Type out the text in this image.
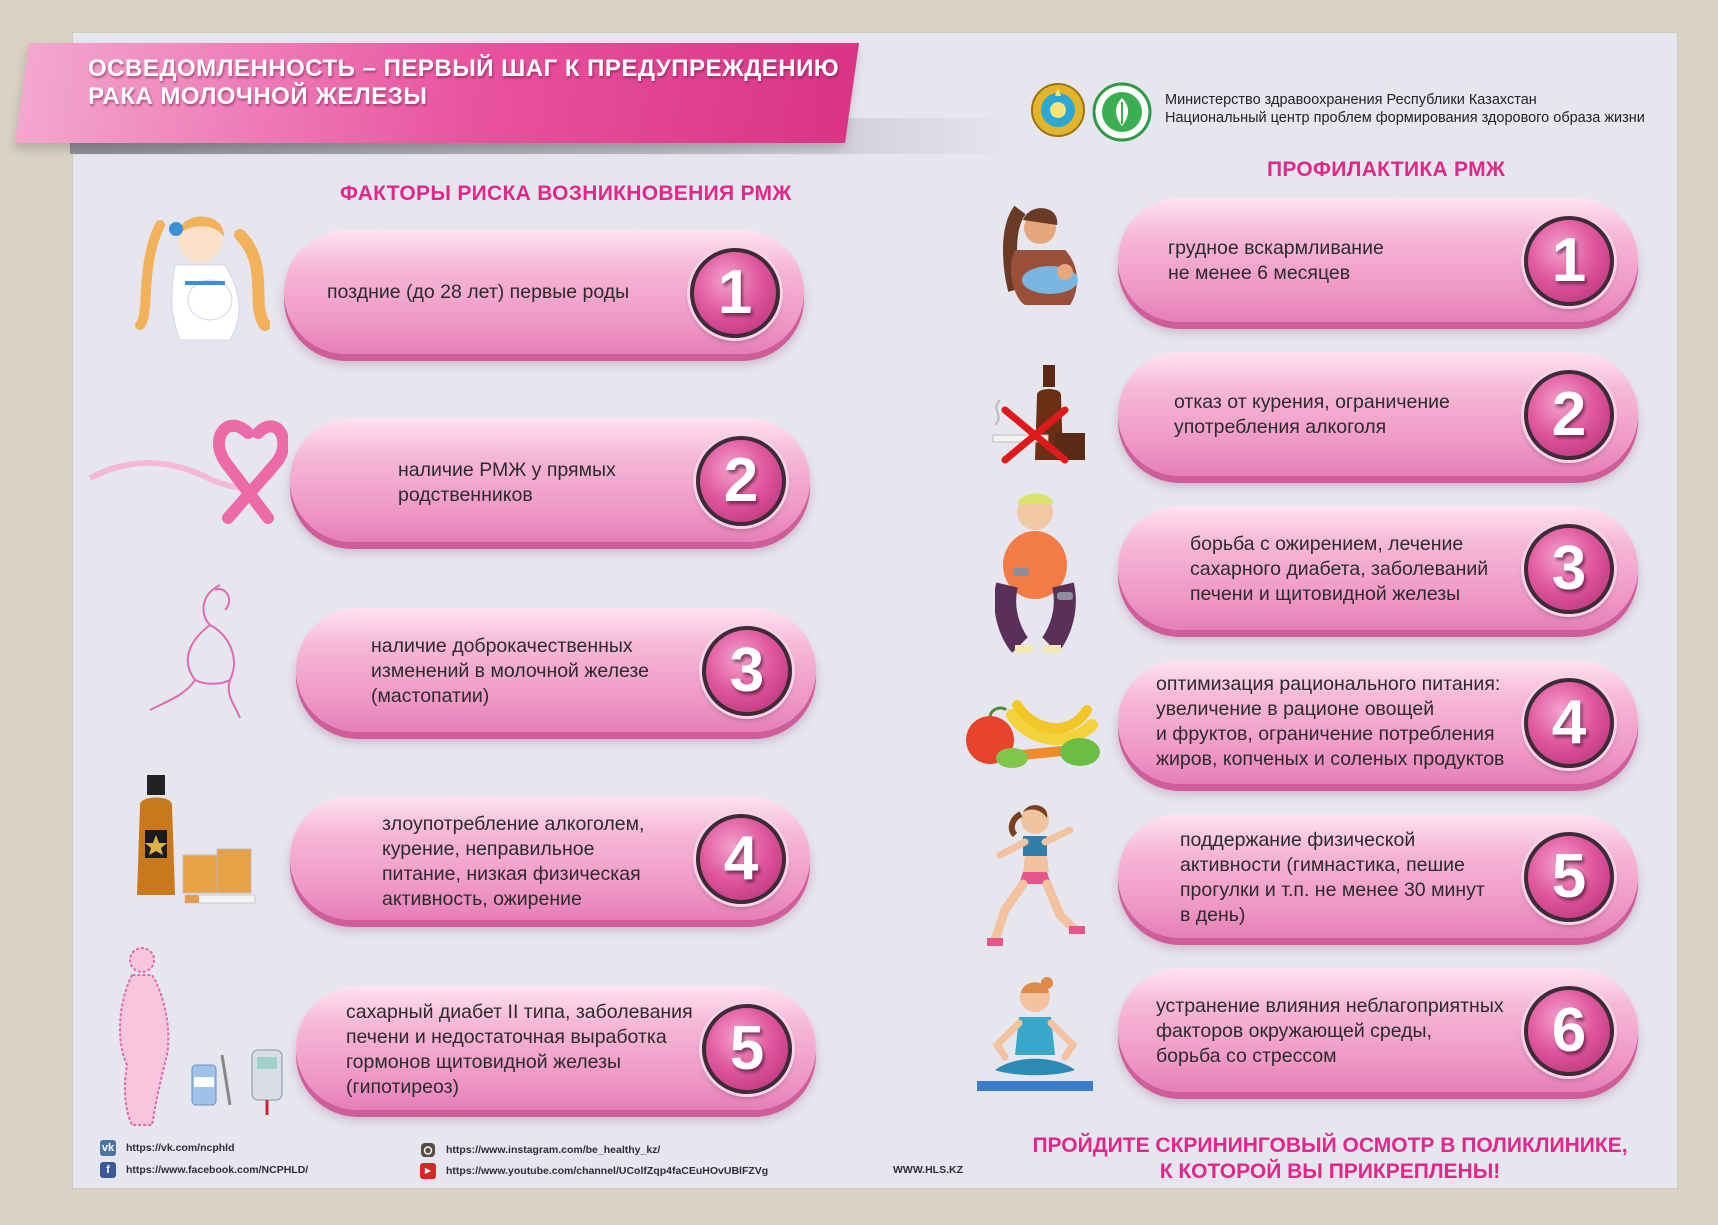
ОСВЕДОМЛЕННОСТЬ – ПЕРВЫЙ ШАГ К ПРЕДУПРЕЖДЕНИЮ
РАКА МОЛОЧНОЙ ЖЕЛЕЗЫ	Министерство здравоохранения Республики Казахстан
Национальный центр проблем формирования здорового образа жизни
ФАКТОРЫ РИСКА ВОЗНИКНОВЕНИЯ РМЖ
ПРОФИЛАКТИКА РМЖ
поздние (до 28 лет) первые роды 1
наличие РМЖ у прямых
родственников	2
наличие доброкачественных
изменений в молочной железе
(мастопатии)	3
злоупотребление алкоголем,
курение, неправильное
питание, низкая физическая
активность, ожирение
4
сахарный диабет II типа, заболевания
печени и недостаточная выработка
гормонов щитовидной железы
(гипотиреоз)
5
грудное вскармливание
не менее 6 месяцев	1
отказ от курения, ограничение
употребления алкоголя	2
борьба с ожирением, лечение
сахарного диабета, заболеваний
печени и щитовидной железы	3
оптимизация рационального питания:
увеличение в рационе овощей
и фруктов, ограничение потребления
жиров, копченых и соленых продуктов
4
поддержание физической
активности (гимнастика, пешие
прогулки и т.п. не менее 30 минут
в день)
5
устранение влияния неблагоприятных
факторов окружающей среды,
борьба со стрессом	6
vk https://vk.com/ncphld
f	https://www.facebook.com/NCPHLD/
https://www.instagram.com/be_healthy_kz/
▶	https://www.youtube.com/channel/UColfZqp4faCEuHOvUBlFZVg	WWW.HLS.KZ
ПРОЙДИТЕ СКРИНИНГОВЫЙ ОСМОТР В ПОЛИКЛИНИКЕ,
К КОТОРОЙ ВЫ ПРИКРЕПЛЕНЫ!
